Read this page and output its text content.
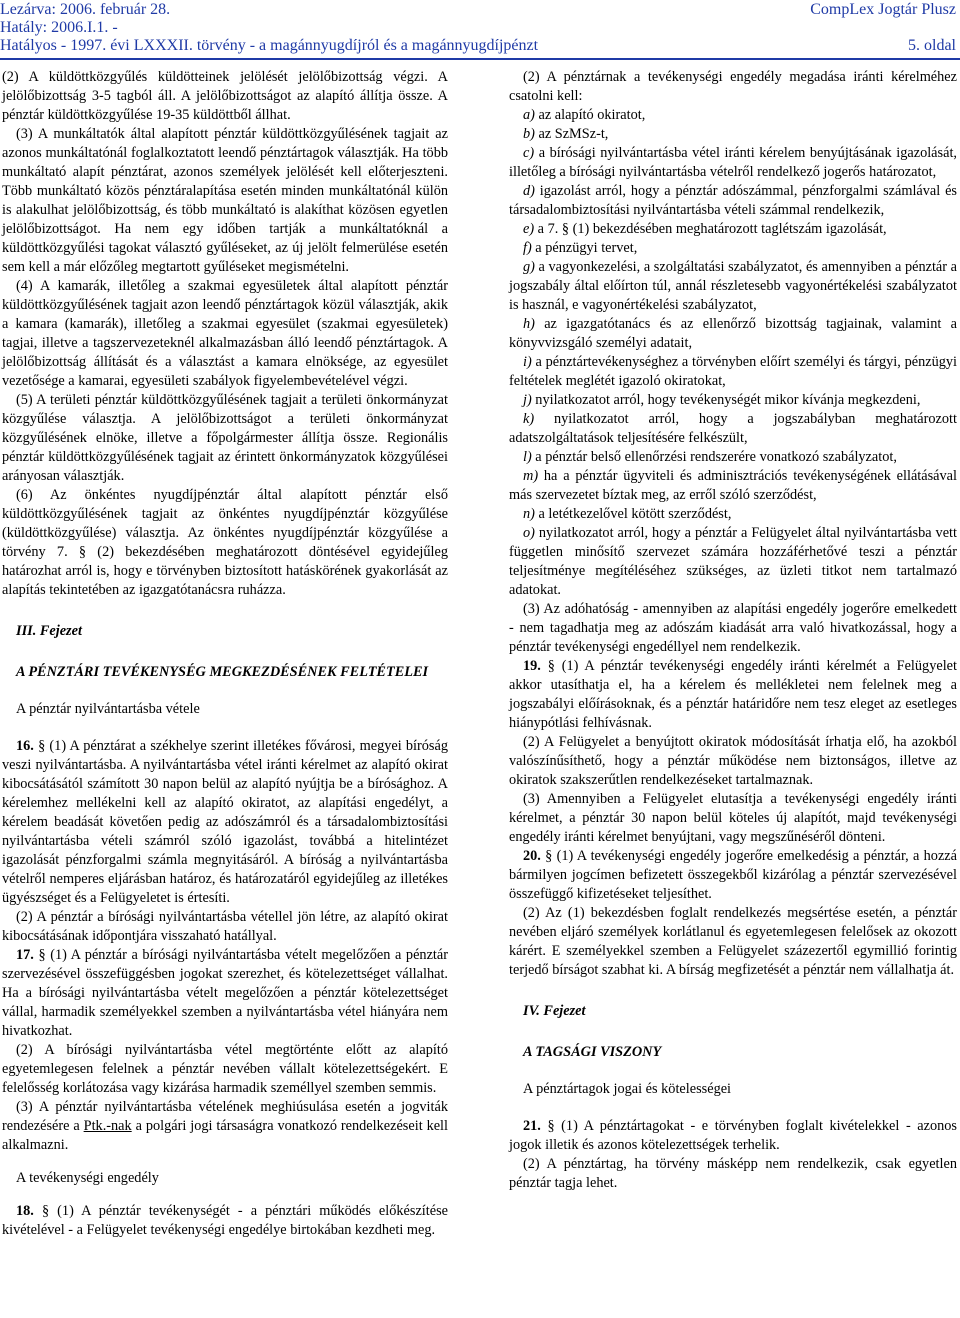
Lezárva: 2006. február 28.	CompLex Jogtár Plusz
Hatály: 2006.I.1. -
Hatályos - 1997. évi LXXXII. törvény - a magánnyugdíjról és a magánnyugdíjpénzt	5. oldal

(2) A küldöttközgyűlés küldötteinek jelölését jelölőbizottság végzi. A jelölőbizottság 3-5 tagból áll. A jelölőbizottságot az alapító állítja össze. A pénztár küldöttközgyűlése 19-35 küldöttből állhat.

(3) A munkáltatók által alapított pénztár küldöttközgyűlésének tagjait az azonos munkáltatónál foglalkoztatott leendő pénztártagok választják. Ha több munkáltató alapít pénztárat, azonos személyek jelölését kell előterjeszteni. Több munkáltató közös pénztáralapítása esetén minden munkáltatónál külön is alakulhat jelölőbizottság, és több munkáltató is alakíthat közösen egyetlen jelölőbizottságot. Ha nem egy időben tartják a munkáltatóknál a küldöttközgyűlési tagokat választó gyűléseket, az új jelölt felmerülése esetén sem kell a már előzőleg megtartott gyűléseket megismételni.

(4) A kamarák, illetőleg a szakmai egyesületek által alapított pénztár küldöttközgyűlésének tagjait azon leendő pénztártagok közül választják, akik a kamara (kamarák), illetőleg a szakmai egyesület (szakmai egyesületek) tagjai, illetve a tagszervezeteknél alkalmazásban álló leendő pénztártagok. A jelölőbizottság állítását és a választást a kamara elnöksége, az egyesület vezetősége a kamarai, egyesületi szabályok figyelembevételével végzi.

(5) A területi pénztár küldöttközgyűlésének tagjait a területi önkormányzat közgyűlése választja. A jelölőbizottságot a területi önkormányzat közgyűlésének elnöke, illetve a főpolgármester állítja össze. Regionális pénztár küldöttközgyűlésének tagjait az érintett önkormányzatok közgyűlései arányosan választják.

(6) Az önkéntes nyugdíjpénztár által alapított pénztár első küldöttközgyűlésének tagjait az önkéntes nyugdíjpénztár közgyűlése (küldöttközgyűlése) választja. Az önkéntes nyugdíjpénztár közgyűlése a törvény 7. § (2) bekezdésében meghatározott döntésével egyidejűleg határozhat arról is, hogy e törvényben biztosított hatáskörének gyakorlását az alapítás tekintetében az igazgatótanácsra ruházza.

III. Fejezet

A PÉNZTÁRI TEVÉKENYSÉG MEGKEZDÉSÉNEK FELTÉTELEI

A pénztár nyilvántartásba vétele

16. § (1) A pénztárat a székhelye szerint illetékes fővárosi, megyei bíróság veszi nyilvántartásba. A nyilvántartásba vétel iránti kérelmet az alapító okirat kibocsátásától számított 30 napon belül az alapító nyújtja be a bírósághoz. A kérelemhez mellékelni kell az alapító okiratot, az alapítási engedélyt, a kérelem beadását követően pedig az adószámról és a társadalombiztosítási nyilvántartásba vételi számról szóló igazolást, továbbá a hitelintézet igazolását pénzforgalmi számla megnyitásáról. A bíróság a nyilvántartásba vételről nemperes eljárásban határoz, és határozatáról egyidejűleg az illetékes ügyészséget és a Felügyeletet is értesíti.

(2) A pénztár a bírósági nyilvántartásba vétellel jön létre, az alapító okirat kibocsátásának időpontjára visszaható hatállyal.

17. § (1) A pénztár a bírósági nyilvántartásba vételt megelőzően a pénztár szervezésével összefüggésben jogokat szerezhet, és kötelezettséget vállalhat. Ha a bírósági nyilvántartásba vételt megelőzően a pénztár kötelezettséget vállal, harmadik személyekkel szemben a nyilvántartásba vétel hiányára nem hivatkozhat.

(2) A bírósági nyilvántartásba vétel megtörténte előtt az alapító egyetemlegesen felelnek a pénztár nevében vállalt kötelezettségekért. E felelősség korlátozása vagy kizárása harmadik személlyel szemben semmis.

(3) A pénztár nyilvántartásba vételének meghiúsulása esetén a jogviták rendezésére a Ptk.-nak a polgári jogi társaságra vonatkozó rendelkezéseit kell alkalmazni.

A tevékenységi engedély

18. § (1) A pénztár tevékenységét - a pénztári működés előkészítése kivételével - a Felügyelet tevékenységi engedélye birtokában kezdheti meg.

(2) A pénztárnak a tevékenységi engedély megadása iránti kérelméhez csatolni kell:

a) az alapító okiratot,

b) az SzMSz-t,

c) a bírósági nyilvántartásba vétel iránti kérelem benyújtásának igazolását, illetőleg a bírósági nyilvántartásba vételről rendelkező jogerős határozatot,

d) igazolást arról, hogy a pénztár adószámmal, pénzforgalmi számlával és társadalombiztosítási nyilvántartásba vételi számmal rendelkezik,

e) a 7. § (1) bekezdésében meghatározott taglétszám igazolását,

f) a pénzügyi tervet,

g) a vagyonkezelési, a szolgáltatási szabályzatot, és amennyiben a pénztár a jogszabály által előírton túl, annál részletesebb vagyonértékelési szabályzatot is használ, e vagyonértékelési szabályzatot,

h) az igazgatótanács és az ellenőrző bizottság tagjainak, valamint a könyvvizsgáló személyi adatait,

i) a pénztártevékenységhez a törvényben előírt személyi és tárgyi, pénzügyi feltételek meglétét igazoló okiratokat,

j) nyilatkozatot arról, hogy tevékenységét mikor kívánja megkezdeni,

k) nyilatkozatot arról, hogy a jogszabályban meghatározott adatszolgáltatások teljesítésére felkészült,

l) a pénztár belső ellenőrzési rendszerére vonatkozó szabályzatot,

m) ha a pénztár ügyviteli és adminisztrációs tevékenységének ellátásával más szervezetet bíztak meg, az erről szóló szerződést,

n) a letétkezelővel kötött szerződést,

o) nyilatkozatot arról, hogy a pénztár a Felügyelet által nyilvántartásba vett független minősítő szervezet számára hozzáférhetővé teszi a pénztár teljesítménye megítéléséhez szükséges, az üzleti titkot nem tartalmazó adatokat.

(3) Az adóhatóság - amennyiben az alapítási engedély jogerőre emelkedett - nem tagadhatja meg az adószám kiadását arra való hivatkozással, hogy a pénztár tevékenységi engedéllyel nem rendelkezik.

19. § (1) A pénztár tevékenységi engedély iránti kérelmét a Felügyelet akkor utasíthatja el, ha a kérelem és mellékletei nem felelnek meg a jogszabályi előírásoknak, és a pénztár határidőre nem tesz eleget az esetleges hiánypótlási felhívásnak.

(2) A Felügyelet a benyújtott okiratok módosítását írhatja elő, ha azokból valószínűsíthető, hogy a pénztár működése nem biztonságos, illetve az okiratok szakszerűtlen rendelkezéseket tartalmaznak.

(3) Amennyiben a Felügyelet elutasítja a tevékenységi engedély iránti kérelmet, a pénztár 30 napon belül köteles új alapítót, majd tevékenységi engedély iránti kérelmet benyújtani, vagy megszűnéséről dönteni.

20. § (1) A tevékenységi engedély jogerőre emelkedésig a pénztár, a hozzá bármilyen jogcímen befizetett összegekből kizárólag a pénztár szervezésével összefüggő kifizetéseket teljesíthet.

(2) Az (1) bekezdésben foglalt rendelkezés megsértése esetén, a pénztár nevében eljáró személyek korlátlanul és egyetemlegesen felelősek az okozott kárért. E személyekkel szemben a Felügyelet százezertől egymillió forintig terjedő bírságot szabhat ki. A bírság megfizetését a pénztár nem vállalhatja át.

IV. Fejezet

A TAGSÁGI VISZONY

A pénztártagok jogai és kötelességei

21. § (1) A pénztártagokat - e törvényben foglalt kivételekkel - azonos jogok illetik és azonos kötelezettségek terhelik.

(2) A pénztártag, ha törvény másképp nem rendelkezik, csak egyetlen pénztár tagja lehet.
